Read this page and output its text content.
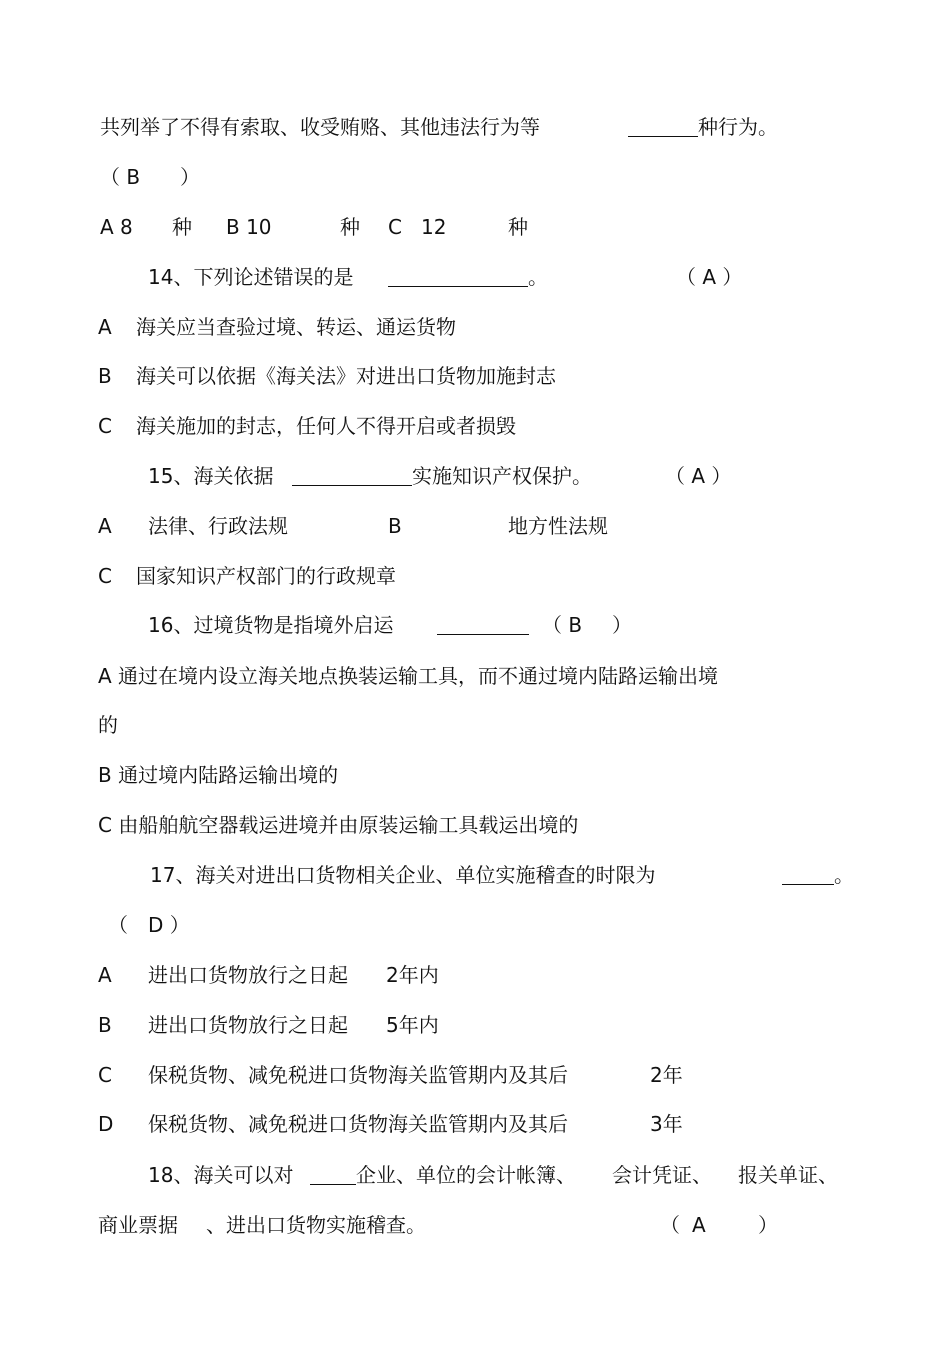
共列举了不得有索取、收受贿赂、其他违法行为等	种行为。
（ B ）
A 8 种 B 10	种 C 12	种
14、下列论述错误的是	。	（ A ）
A 海关应当查验过境、转运、通运货物
B 海关可以依据《海关法》对进出口货物加施封志
C 海关施加的封志，任何人不得开启或者损毁
15、海关依据	实施知识产权保护。	（ A ）
A 法律、行政法规	B	地方性法规
C 国家知识产权部门的行政规章
16、过境货物是指境外启运	（ B ）
A 通过在境内设立海关地点换装运输工具，而不通过境内陆路运输出境
的
B 通过境内陆路运输出境的
C 由船舶航空器载运进境并由原装运输工具载运出境的
17、海关对进出口货物相关企业、单位实施稽查的时限为	。
（ D ）
A 进出口货物放行之日起 2年内
B 进出口货物放行之日起 5年内
C 保税货物、减免税进口货物海关监管期内及其后	2年
D 保税货物、减免税进口货物海关监管期内及其后	3年
18、海关可以对	企业、单位的会计帐簿、 会计凭证、 报关单证、
商业票据 、进出口货物实施稽查。	（ A	）
